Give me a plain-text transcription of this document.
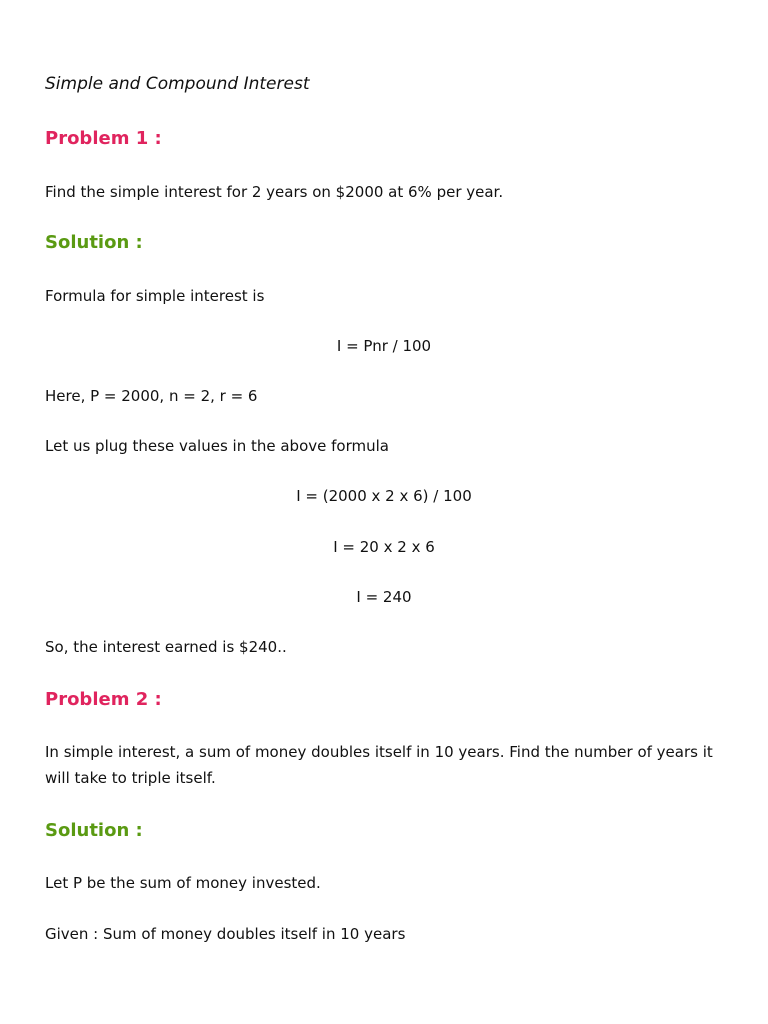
Simple and Compound Interest
Problem 1 :
Find the simple interest for 2 years on $2000 at 6% per year.
Solution :
Formula for simple interest is
I = Pnr / 100
Here, P = 2000, n = 2, r = 6
Let us plug these values in the above formula
I = (2000 x 2 x 6) / 100
I = 20 x 2 x 6
I = 240
So, the interest earned is $240..
Problem 2 :
In simple interest, a sum of money doubles itself in 10 years. Find the number of years it will take to triple itself.
Solution :
Let P be the sum of money invested.
Given : Sum of money doubles itself in 10 years
